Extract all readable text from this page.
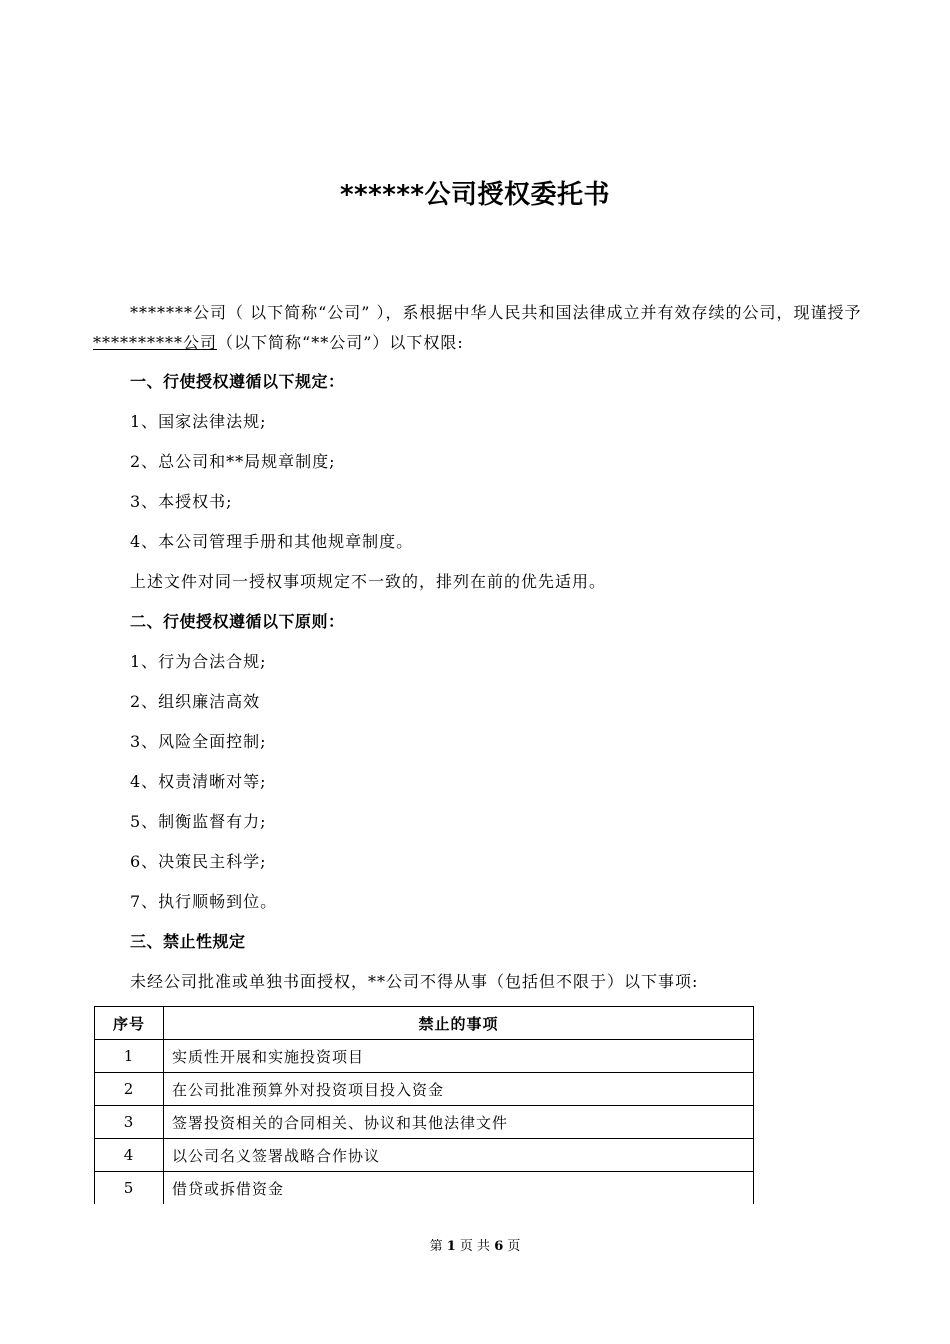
******公司授权委托书

*******公司（ 以下简称“公司” ），系根据中华人民共和国法律成立并有效存续的公司，现谨授予**********公司（以下简称“**公司”）以下权限:

一、行使授权遵循以下规定：

1、国家法律法规;

2、总公司和**局规章制度;

3、本授权书;

4、本公司管理手册和其他规章制度。

上述文件对同一授权事项规定不一致的，排列在前的优先适用。

二、行使授权遵循以下原则：

1、行为合法合规;

2、组织廉洁高效

3、风险全面控制;

4、权责清晰对等;

5、制衡监督有力;

6、决策民主科学;

7、执行顺畅到位。

三、禁止性规定

未经公司批准或单独书面授权，**公司不得从事（包括但不限于）以下事项:

序号	禁止的事项
1	实质性开展和实施投资项目
2	在公司批准预算外对投资项目投入资金
3	签署投资相关的合同相关、协议和其他法律文件
4	以公司名义签署战略合作协议
5	借贷或拆借资金
第 1 页 共 6 页
